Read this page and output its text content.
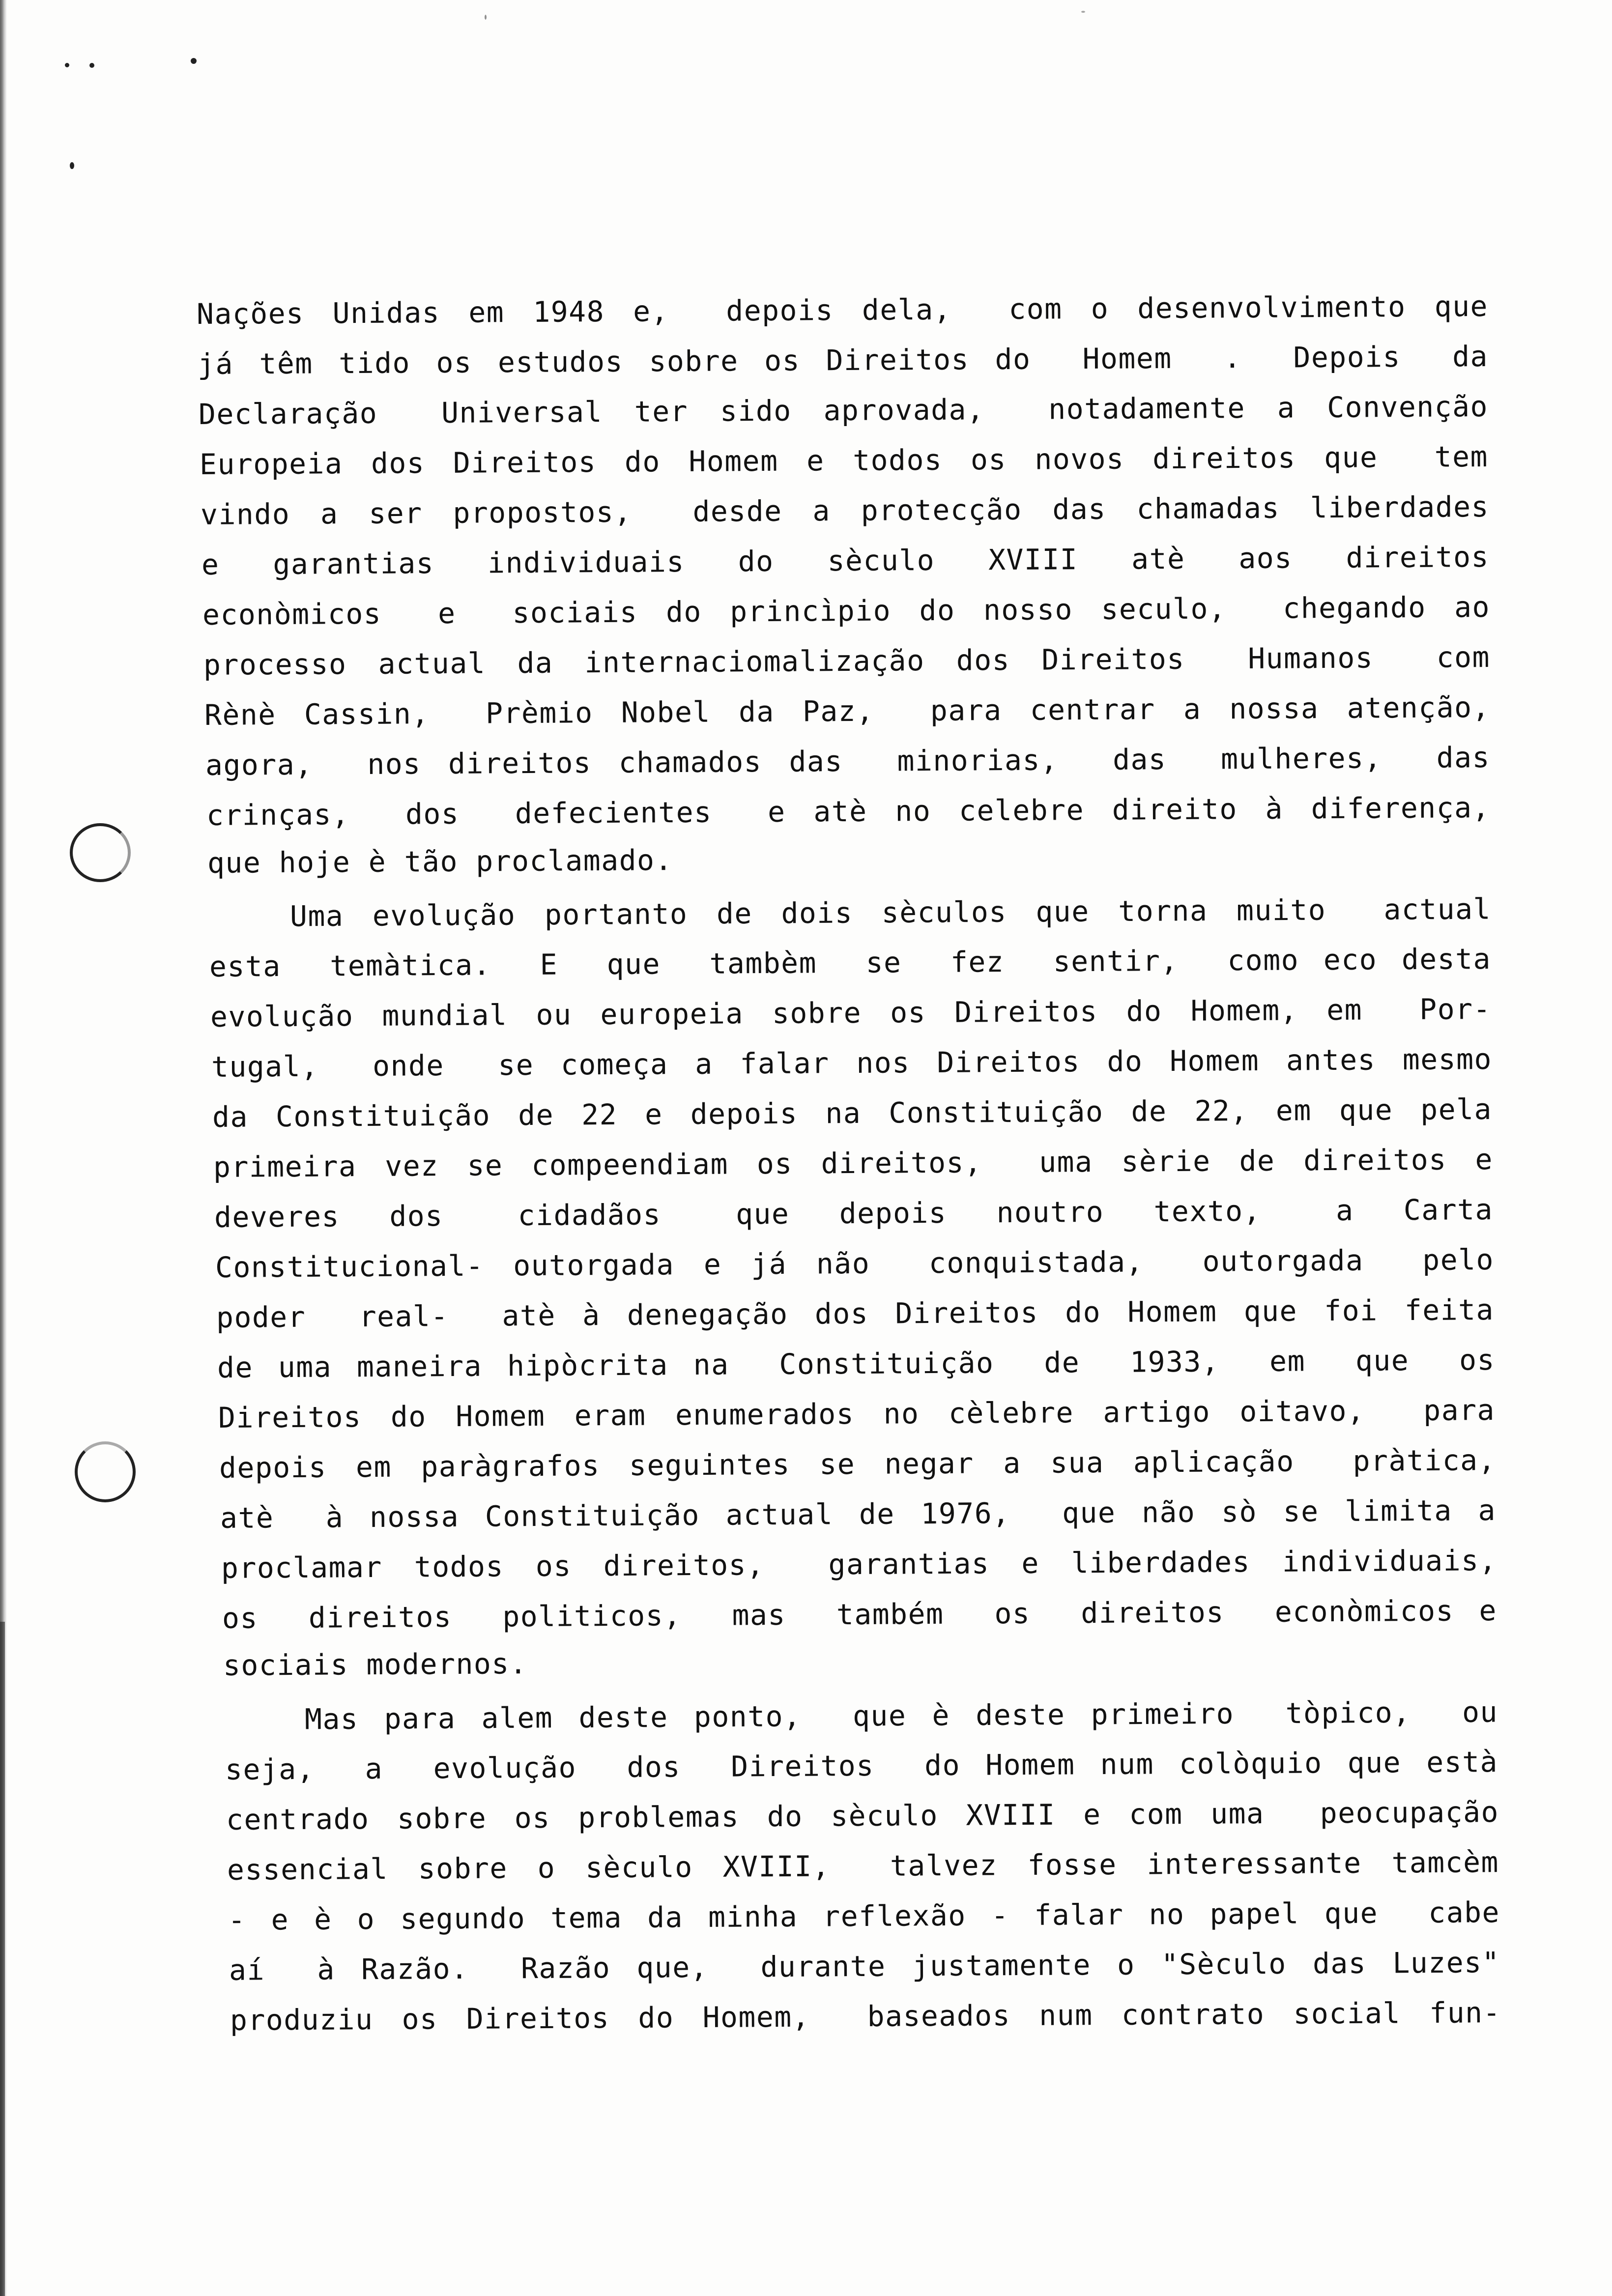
Nações Unidas em 1948 e,  depois dela,  com o desenvolvimento que
já têm tido os estudos sobre os Direitos do  Homem  .  Depois  da
Declaração  Universal ter sido aprovada,  notadamente a Convenção
Europeia dos Direitos do Homem e todos os novos direitos que  tem
vindo a ser propostos,  desde a protecção das chamadas liberdades
e  garantias  individuais  do  sèculo  XVIII  atè  aos  direitos
econòmicos  e  sociais do princìpio do nosso seculo,  chegando ao
processo actual da internaciomalização dos Direitos  Humanos  com
Rènè Cassin,  Prèmio Nobel da Paz,  para centrar a nossa atenção,
agora,  nos direitos chamados das  minorias,  das  mulheres,  das
crinças,  dos  defecientes  e atè no celebre direito à diferença,
que hoje è tão proclamado.
Uma evolução portanto de dois sèculos que torna muito  actual
esta  temàtica.  E  que  tambèm  se  fez  sentir,  como eco desta
evolução mundial ou europeia sobre os Direitos do Homem, em  Por-
tugal,  onde  se começa a falar nos Direitos do Homem antes mesmo
da Constituição de 22 e depois na Constituição de 22, em que pela
primeira vez se compeendiam os direitos,  uma sèrie de direitos e
deveres  dos   cidadãos   que  depois  noutro  texto,   a  Carta
Constitucional- outorgada e já não  conquistada,  outorgada  pelo
poder  real-  atè à denegação dos Direitos do Homem que foi feita
de uma maneira hipòcrita na  Constituição  de  1933,  em  que  os
Direitos do Homem eram enumerados no cèlebre artigo oitavo,  para
depois em paràgrafos seguintes se negar a sua aplicação  pràtica,
atè  à nossa Constituição actual de 1976,  que não sò se limita a
proclamar todos os direitos,  garantias e liberdades individuais,
os  direitos  politicos,  mas  também  os  direitos  econòmicos e
sociais modernos.
Mas para alem deste ponto,  que è deste primeiro  tòpico,  ou
seja,  a  evolução  dos  Direitos  do Homem num colòquio que està
centrado sobre os problemas do sèculo XVIII e com uma  peocupação
essencial sobre o sèculo XVIII,  talvez fosse interessante tamcèm
- e è o segundo tema da minha reflexão - falar no papel que  cabe
aí  à Razão.  Razão que,  durante justamente o "Sèculo das Luzes"
produziu os Direitos do Homem,  baseados num contrato social fun-
